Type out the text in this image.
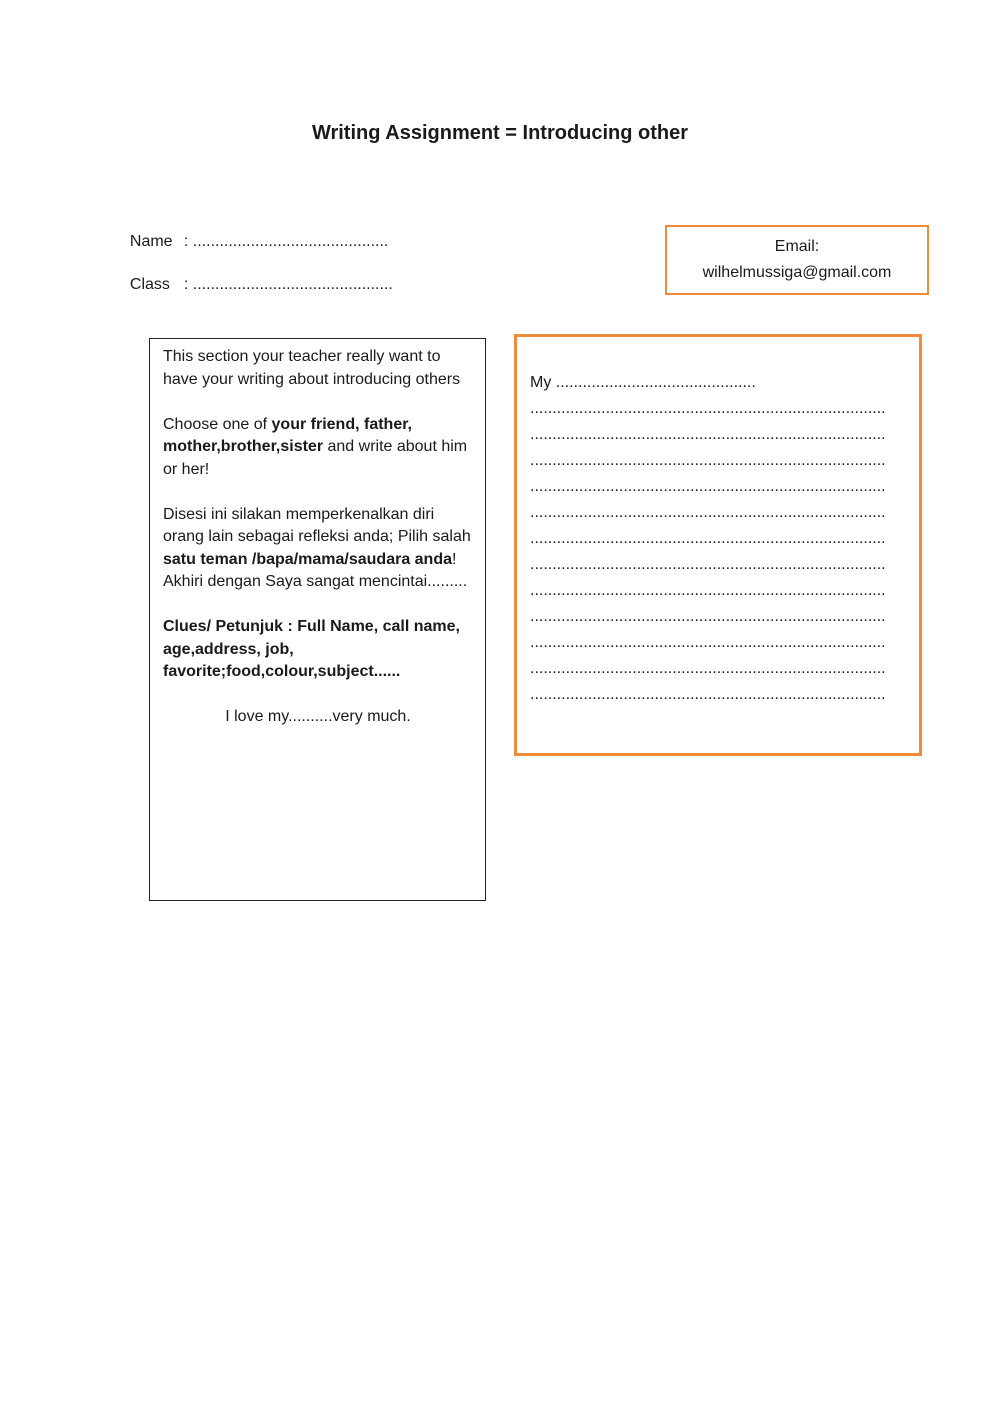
Writing Assignment = Introducing other

Name : ............................................

Class : .............................................

Email:
wilhelmussiga@gmail.com

This section your teacher really want to have your writing about introducing others

Choose one of your friend, father, mother,brother,sister and write about him or her!

Disesi ini silakan memperkenalkan diri orang lain sebagai refleksi anda; Pilih salah satu teman /bapa/mama/saudara anda! Akhiri dengan Saya sangat mencintai.........

Clues/ Petunjuk : Full Name, call name, age,address, job, favorite;food,colour,subject......

I love my..........very much.

My .............................................
................................................................................
................................................................................
................................................................................
................................................................................
................................................................................
................................................................................
................................................................................
................................................................................
................................................................................
................................................................................
................................................................................
................................................................................
